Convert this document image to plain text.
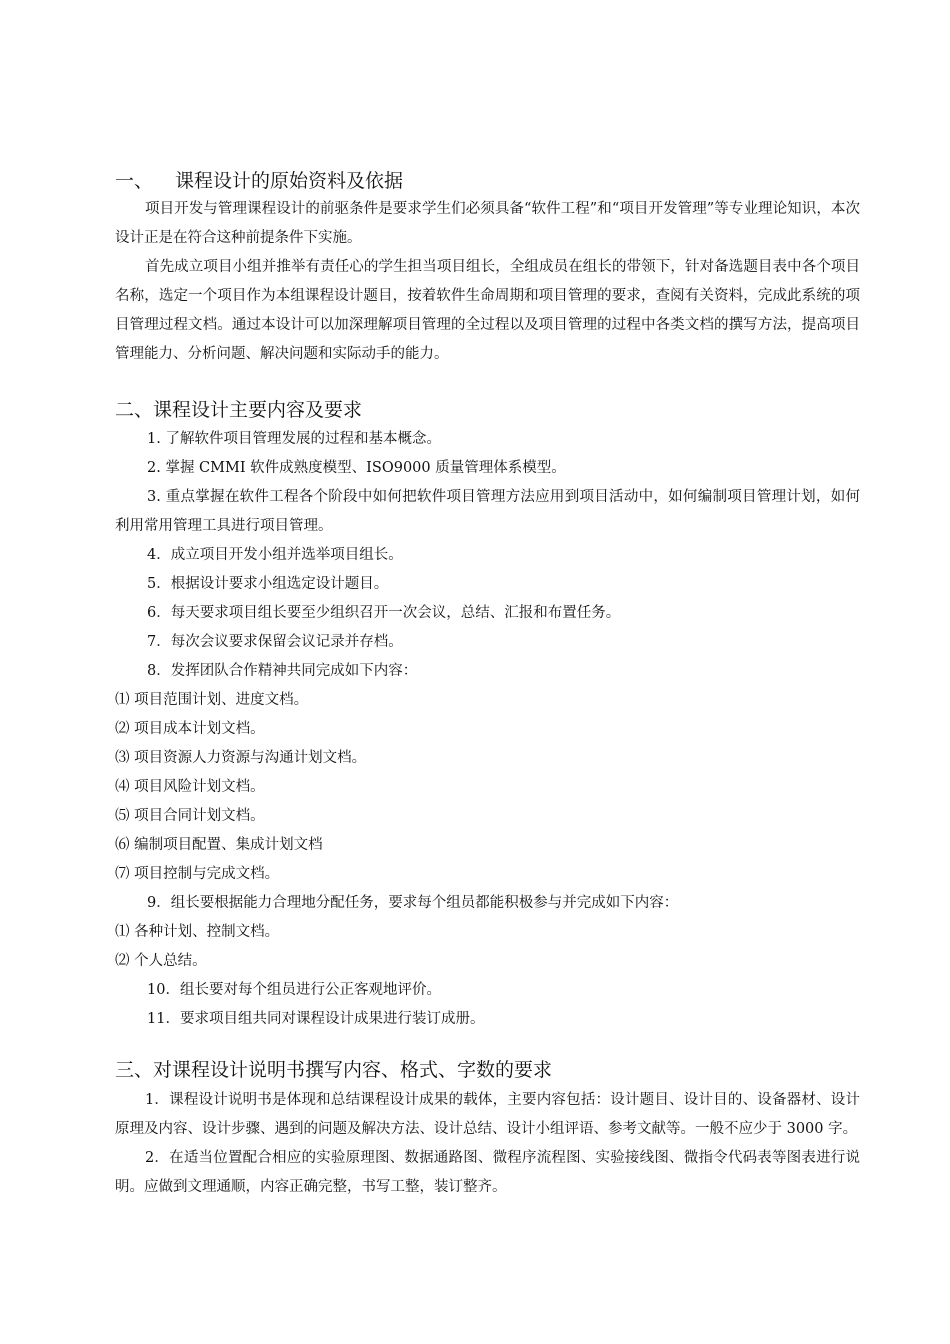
一、 课程设计的原始资料及依据

项目开发与管理课程设计的前驱条件是要求学生们必须具备“软件工程”和“项目开发管理”等专业理论知识，本次设计正是在符合这种前提条件下实施。

首先成立项目小组并推举有责任心的学生担当项目组长，全组成员在组长的带领下，针对备选题目表中各个项目名称，选定一个项目作为本组课程设计题目，按着软件生命周期和项目管理的要求，查阅有关资料，完成此系统的项目管理过程文档。通过本设计可以加深理解项目管理的全过程以及项目管理的过程中各类文档的撰写方法，提高项目管理能力、分析问题、解决问题和实际动手的能力。

二、课程设计主要内容及要求

1. 了解软件项目管理发展的过程和基本概念。

2. 掌握 CMMI 软件成熟度模型、ISO9000 质量管理体系模型。

3. 重点掌握在软件工程各个阶段中如何把软件项目管理方法应用到项目活动中，如何编制项目管理计划，如何利用常用管理工具进行项目管理。

4．成立项目开发小组并选举项目组长。

5．根据设计要求小组选定设计题目。

6．每天要求项目组长要至少组织召开一次会议，总结、汇报和布置任务。

7．每次会议要求保留会议记录并存档。

8．发挥团队合作精神共同完成如下内容：

⑴ 项目范围计划、进度文档。

⑵ 项目成本计划文档。

⑶ 项目资源人力资源与沟通计划文档。

⑷ 项目风险计划文档。

⑸ 项目合同计划文档。

⑹ 编制项目配置、集成计划文档

⑺ 项目控制与完成文档。

9．组长要根据能力合理地分配任务，要求每个组员都能积极参与并完成如下内容：

⑴ 各种计划、控制文档。

⑵ 个人总结。

10．组长要对每个组员进行公正客观地评价。

11．要求项目组共同对课程设计成果进行装订成册。

三、对课程设计说明书撰写内容、格式、字数的要求

1．课程设计说明书是体现和总结课程设计成果的载体，主要内容包括：设计题目、设计目的、设备器材、设计原理及内容、设计步骤、遇到的问题及解决方法、设计总结、设计小组评语、参考文献等。一般不应少于 3000 字。

2．在适当位置配合相应的实验原理图、数据通路图、微程序流程图、实验接线图、微指令代码表等图表进行说明。应做到文理通顺，内容正确完整，书写工整，装订整齐。
